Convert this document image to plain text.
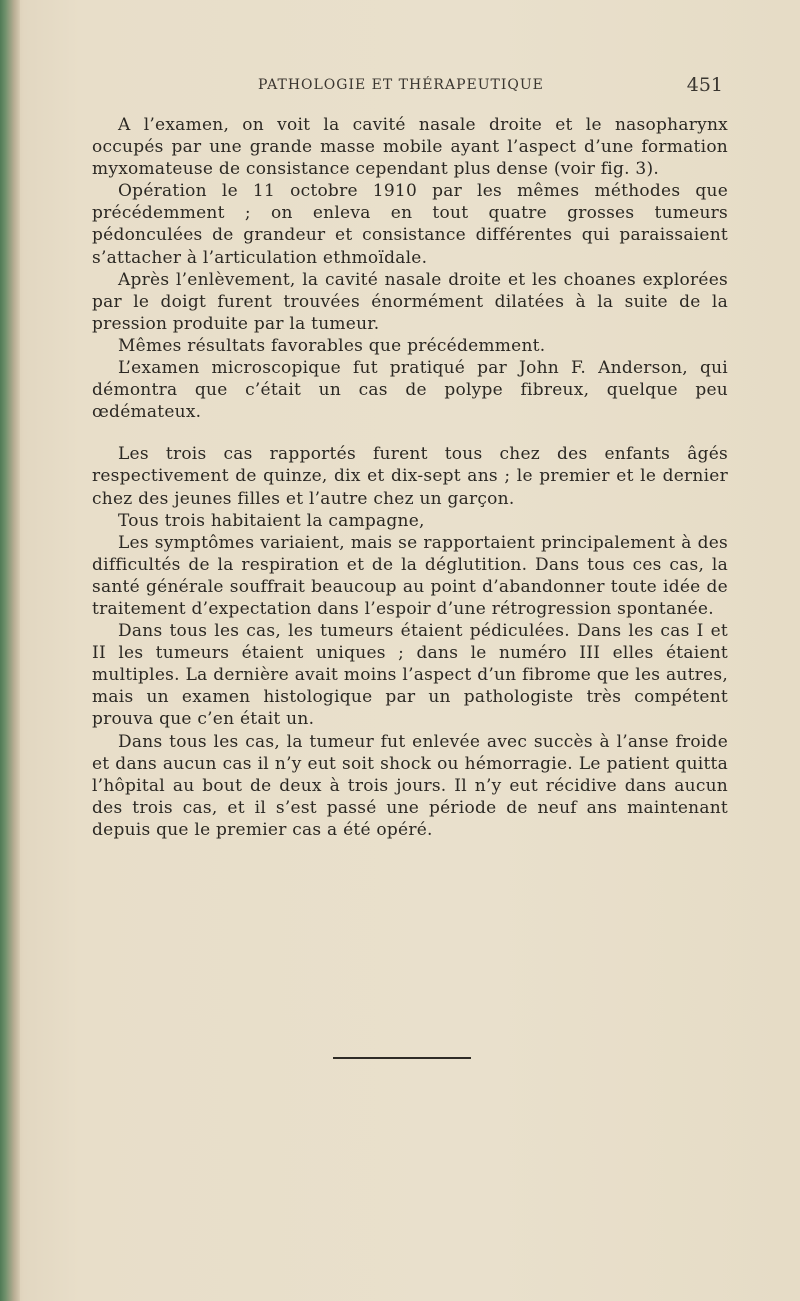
PATHOLOGIE ET THÉRAPEUTIQUE	451

A l’examen, on voit la cavité nasale droite et le nasopharynx occupés par une grande masse mobile ayant l’aspect d’une formation myxomateuse de consistance cependant plus dense (voir fig. 3).

Opération le 11 octobre 1910 par les mêmes méthodes que précédemment ; on enleva en tout quatre grosses tumeurs pédonculées de grandeur et consistance différentes qui paraissaient s’attacher à l’articulation ethmoïdale.

Après l’enlèvement, la cavité nasale droite et les choanes explorées par le doigt furent trouvées énormément dilatées à la suite de la pression produite par la tumeur.

Mêmes résultats favorables que précédemment.

L’examen microscopique fut pratiqué par John F. Anderson, qui démontra que c’était un cas de polype fibreux, quelque peu œdémateux.

Les trois cas rapportés furent tous chez des enfants âgés respectivement de quinze, dix et dix-sept ans ; le premier et le dernier chez des jeunes filles et l’autre chez un garçon.

Tous trois habitaient la campagne,

Les symptômes variaient, mais se rapportaient principalement à des difficultés de la respiration et de la déglutition. Dans tous ces cas, la santé générale souffrait beaucoup au point d’abandonner toute idée de traitement d’expectation dans l’espoir d’une rétrogression spontanée.

Dans tous les cas, les tumeurs étaient pédiculées. Dans les cas I et II les tumeurs étaient uniques ; dans le numéro III elles étaient multiples. La dernière avait moins l’aspect d’un fibrome que les autres, mais un examen histologique par un pathologiste très compétent prouva que c’en était un.

Dans tous les cas, la tumeur fut enlevée avec succès à l’anse froide et dans aucun cas il n’y eut soit shock ou hémorragie. Le patient quitta l’hôpital au bout de deux à trois jours. Il n’y eut récidive dans aucun des trois cas, et il s’est passé une période de neuf ans maintenant depuis que le premier cas a été opéré.
